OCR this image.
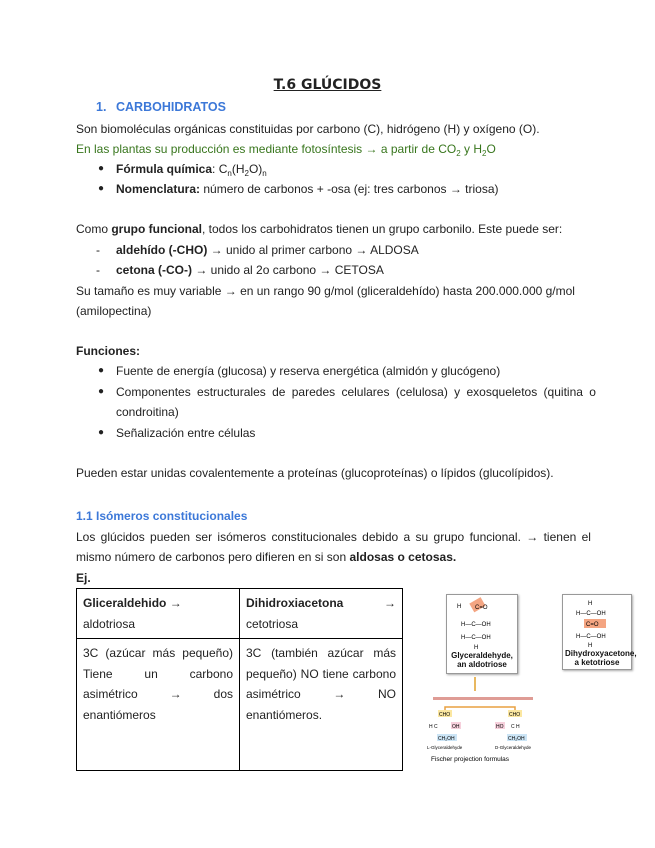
T.6 GLÚCIDOS
1. CARBOHIDRATOS
Son biomoléculas orgánicas constituidas por carbono (C), hidrógeno (H) y oxígeno (O).
En las plantas su producción es mediante fotosíntesis → a partir de $CO_2$ y $H_2O$
● Fórmula química: $C_n(H_2O)_n$
● Nomenclatura: número de carbonos + -osa (ej: tres carbonos → triosa)
Como grupo funcional, todos los carbohidratos tienen un grupo carbonilo. Este puede ser:
- aldehído (-CHO) → unido al primer carbono → ALDOSA
- cetona (-CO-) → unido al 2o carbono → CETOSA
Su tamaño es muy variable → en un rango 90 g/mol (gliceraldehído) hasta 200.000.000 g/mol
(amilopectina)
Funciones:
● Fuente de energía (glucosa) y reserva energética (almidón y glucógeno)
● Componentes estructurales de paredes celulares (celulosa) y exosqueletos (quitina o
condroitina)
● Señalización entre células
Pueden estar unidas covalentemente a proteínas (glucoproteínas) o lípidos (glucolípidos).
1.1 Isómeros constitucionales
Los glúcidos pueden ser isómeros constitucionales debido a su grupo funcional. → tienen el
mismo número de carbonos pero difieren en si son aldosas o cetosas.
Ej.
Gliceraldehido → aldotriosa	Dihidroxiacetona → cetotriosa
3C (azúcar más pequeño) Tiene un carbono asimétrico → dos enantiómeros	3C (también azúcar más pequeño) NO tiene carbono asimétrico → NO enantiómeros.
H C=O
H—C—OH
H—C—OH
H
Glyceraldehyde, an aldotriose
H
H—C—OH
C=O
H—C—OH
H
Dihydroxyacetone, a ketotriose
CHO	CHO
H C	OH	HO C H
CH₂OH	CH₂OH
L-Glyceraldehyde	D-Glyceraldehyde
Fischer projection formulas
